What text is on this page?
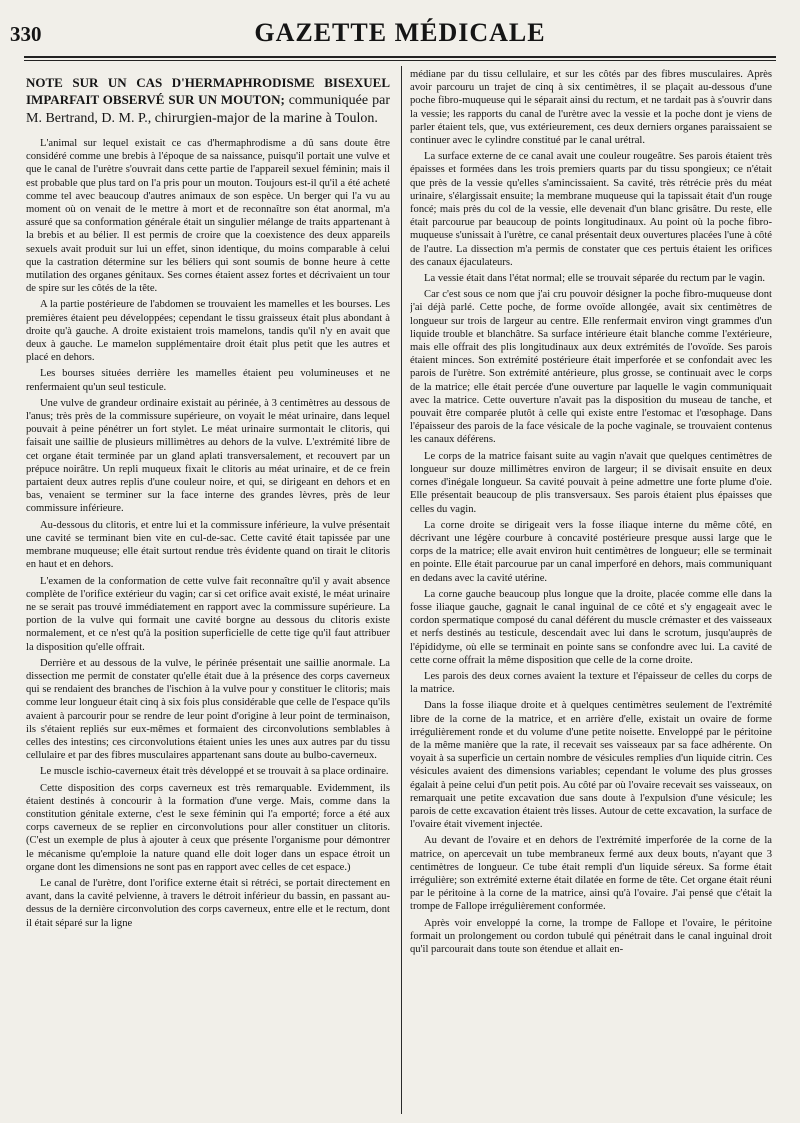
330	GAZETTE MÉDICALE
NOTE SUR UN CAS D'HERMAPHRODISME BISEXUEL IMPARFAIT OBSERVÉ SUR UN MOUTON; communiquée par M. Bertrand, D. M. P., chirurgien-major de la marine à Toulon.

L'animal sur lequel existait ce cas d'hermaphrodisme a dû sans doute être considéré comme une brebis à l'époque de sa naissance, puisqu'il portait une vulve et que le canal de l'urètre s'ouvrait dans cette partie de l'appareil sexuel féminin; mais il est probable que plus tard on l'a pris pour un mouton. Toujours est-il qu'il a été acheté comme tel avec beaucoup d'autres animaux de son espèce. Un berger qui l'a vu au moment où on venait de le mettre à mort et de reconnaître son état anormal, m'a assuré que sa conformation générale était un singulier mélange de traits appartenant à la brebis et au bélier. Il est permis de croire que la coexistence des deux appareils sexuels avait produit sur lui un effet, sinon identique, du moins comparable à celui que la castration détermine sur les béliers qui sont soumis de bonne heure à cette mutilation des organes génitaux. Ses cornes étaient assez fortes et décrivaient un tour de spire sur les côtés de la tête.

A la partie postérieure de l'abdomen se trouvaient les mamelles et les bourses. Les premières étaient peu développées; cependant le tissu graisseux était plus abondant à droite qu'à gauche. A droite existaient trois mamelons, tandis qu'il n'y en avait que deux à gauche. Le mamelon supplémentaire droit était plus petit que les autres et placé en dehors.

Les bourses situées derrière les mamelles étaient peu volumineuses et ne renfermaient qu'un seul testicule.

Une vulve de grandeur ordinaire existait au périnée, à 3 centimètres au dessous de l'anus; très près de la commissure supérieure, on voyait le méat urinaire, dans lequel pouvait à peine pénétrer un fort stylet. Le méat urinaire surmontait le clitoris, qui faisait une saillie de plusieurs millimètres au dehors de la vulve. L'extrémité libre de cet organe était terminée par un gland aplati transversalement, et recouvert par un prépuce noirâtre. Un repli muqueux fixait le clitoris au méat urinaire, et de ce frein partaient deux autres replis d'une couleur noire, et qui, se dirigeant en dehors et en bas, venaient se terminer sur la face interne des grandes lèvres, près de leur commissure inférieure.

Au-dessous du clitoris, et entre lui et la commissure inférieure, la vulve présentait une cavité se terminant bien vite en cul-de-sac. Cette cavité était tapissée par une membrane muqueuse; elle était surtout rendue très évidente quand on tirait le clitoris en haut et en dehors.

L'examen de la conformation de cette vulve fait reconnaître qu'il y avait absence complète de l'orifice extérieur du vagin; car si cet orifice avait existé, le méat urinaire ne se serait pas trouvé immédiatement en rapport avec la commissure supérieure. La portion de la vulve qui formait une cavité borgne au dessous du clitoris existe normalement, et ce n'est qu'à la position superficielle de cette tige qu'il faut attribuer la disposition qu'elle offrait.

Derrière et au dessous de la vulve, le périnée présentait une saillie anormale. La dissection me permit de constater qu'elle était due à la présence des corps caverneux qui se rendaient des branches de l'ischion à la vulve pour y constituer le clitoris; mais comme leur longueur était cinq à six fois plus considérable que celle de l'espace qu'ils avaient à parcourir pour se rendre de leur point d'origine à leur point de terminaison, ils s'étaient repliés sur eux-mêmes et formaient des circonvolutions semblables à celles des intestins; ces circonvolutions étaient unies les unes aux autres par du tissu cellulaire et par des fibres musculaires appartenant sans doute au bulbo-caverneux.

Le muscle ischio-caverneux était très développé et se trouvait à sa place ordinaire.

Cette disposition des corps caverneux est très remarquable. Evidemment, ils étaient destinés à concourir à la formation d'une verge. Mais, comme dans la constitution génitale externe, c'est le sexe féminin qui l'a emporté; force a été aux corps caverneux de se replier en circonvolutions pour aller constituer un clitoris. (C'est un exemple de plus à ajouter à ceux que présente l'organisme pour démontrer le mécanisme qu'emploie la nature quand elle doit loger dans un espace étroit un organe dont les dimensions ne sont pas en rapport avec celles de cet espace.)

Le canal de l'urètre, dont l'orifice externe était si rétréci, se portait directement en avant, dans la cavité pelvienne, à travers le détroit inférieur du bassin, en passant au-dessus de la dernière circonvolution des corps caverneux, entre elle et le rectum, dont il était séparé sur la ligne

médiane par du tissu cellulaire, et sur les côtés par des fibres musculaires. Après avoir parcouru un trajet de cinq à six centimètres, il se plaçait au-dessous d'une poche fibro-muqueuse qui le séparait ainsi du rectum, et ne tardait pas à s'ouvrir dans la vessie; les rapports du canal de l'urètre avec la vessie et la poche dont je viens de parler étaient tels, que, vus extérieurement, ces deux derniers organes paraissaient se continuer avec le cylindre constitué par le canal urétral.

La surface externe de ce canal avait une couleur rougeâtre. Ses parois étaient très épaisses et formées dans les trois premiers quarts par du tissu spongieux; ce n'était que près de la vessie qu'elles s'amincissaient. Sa cavité, très rétrécie près du méat urinaire, s'élargissait ensuite; la membrane muqueuse qui la tapissait était d'un rouge foncé; mais près du col de la vessie, elle devenait d'un blanc grisâtre. Du reste, elle était parcourue par beaucoup de points longitudinaux. Au point où la poche fibro-muqueuse s'unissait à l'urètre, ce canal présentait deux ouvertures placées l'une à côté de l'autre. La dissection m'a permis de constater que ces pertuis étaient les orifices des canaux éjaculateurs.

La vessie était dans l'état normal; elle se trouvait séparée du rectum par le vagin.

Car c'est sous ce nom que j'ai cru pouvoir désigner la poche fibro-muqueuse dont j'ai déjà parlé. Cette poche, de forme ovoïde allongée, avait six centimètres de longueur sur trois de largeur au centre. Elle renfermait environ vingt grammes d'un liquide trouble et blanchâtre. Sa surface intérieure était blanche comme l'extérieure, mais elle offrait des plis longitudinaux aux deux extrémités de l'ovoïde. Ses parois étaient minces. Son extrémité postérieure était imperforée et se confondait avec les parois de l'urètre. Son extrémité antérieure, plus grosse, se continuait avec le corps de la matrice; elle était percée d'une ouverture par laquelle le vagin communiquait avec la matrice. Cette ouverture n'avait pas la disposition du museau de tanche, et pouvait être comparée plutôt à celle qui existe entre l'estomac et l'œsophage. Dans l'épaisseur des parois de la face vésicale de la poche vaginale, se trouvaient contenus les canaux déférens.

Le corps de la matrice faisant suite au vagin n'avait que quelques centimètres de longueur sur douze millimètres environ de largeur; il se divisait ensuite en deux cornes d'inégale longueur. Sa cavité pouvait à peine admettre une forte plume d'oie. Elle présentait beaucoup de plis transversaux. Ses parois étaient plus épaisses que celles du vagin.

La corne droite se dirigeait vers la fosse iliaque interne du même côté, en décrivant une légère courbure à concavité postérieure presque aussi large que le corps de la matrice; elle avait environ huit centimètres de longueur; elle se terminait en pointe. Elle était parcourue par un canal imperforé en dehors, mais communiquant en dedans avec la cavité utérine.

La corne gauche beaucoup plus longue que la droite, placée comme elle dans la fosse iliaque gauche, gagnait le canal inguinal de ce côté et s'y engageait avec le cordon spermatique composé du canal déférent du muscle crémaster et des vaisseaux et nerfs destinés au testicule, descendait avec lui dans le scrotum, jusqu'auprès de l'épididyme, où elle se terminait en pointe sans se confondre avec lui. La cavité de cette corne offrait la même disposition que celle de la corne droite.

Les parois des deux cornes avaient la texture et l'épaisseur de celles du corps de la matrice.

Dans la fosse iliaque droite et à quelques centimètres seulement de l'extrémité libre de la corne de la matrice, et en arrière d'elle, existait un ovaire de forme irrégulièrement ronde et du volume d'une petite noisette. Enveloppé par le péritoine de la même manière que la rate, il recevait ses vaisseaux par sa face adhérente. On voyait à sa superficie un certain nombre de vésicules remplies d'un liquide citrin. Ces vésicules avaient des dimensions variables; cependant le volume des plus grosses égalait à peine celui d'un petit pois. Au côté par où l'ovaire recevait ses vaisseaux, on remarquait une petite excavation due sans doute à l'expulsion d'une vésicule; les parois de cette excavation étaient très lisses. Autour de cette excavation, la surface de l'ovaire était vivement injectée.

Au devant de l'ovaire et en dehors de l'extrémité imperforée de la corne de la matrice, on apercevait un tube membraneux fermé aux deux bouts, n'ayant que 3 centimètres de longueur. Ce tube était rempli d'un liquide séreux. Sa forme était irrégulière; son extrémité externe était dilatée en forme de tête. Cet organe était réuni par le péritoine à la corne de la matrice, ainsi qu'à l'ovaire. J'ai pensé que c'était la trompe de Fallope irrégulièrement conformée.

Après voir enveloppé la corne, la trompe de Fallope et l'ovaire, le péritoine formait un prolongement ou cordon tubulé qui pénétrait dans le canal inguinal droit qu'il parcourait dans toute son étendue et allait en-
